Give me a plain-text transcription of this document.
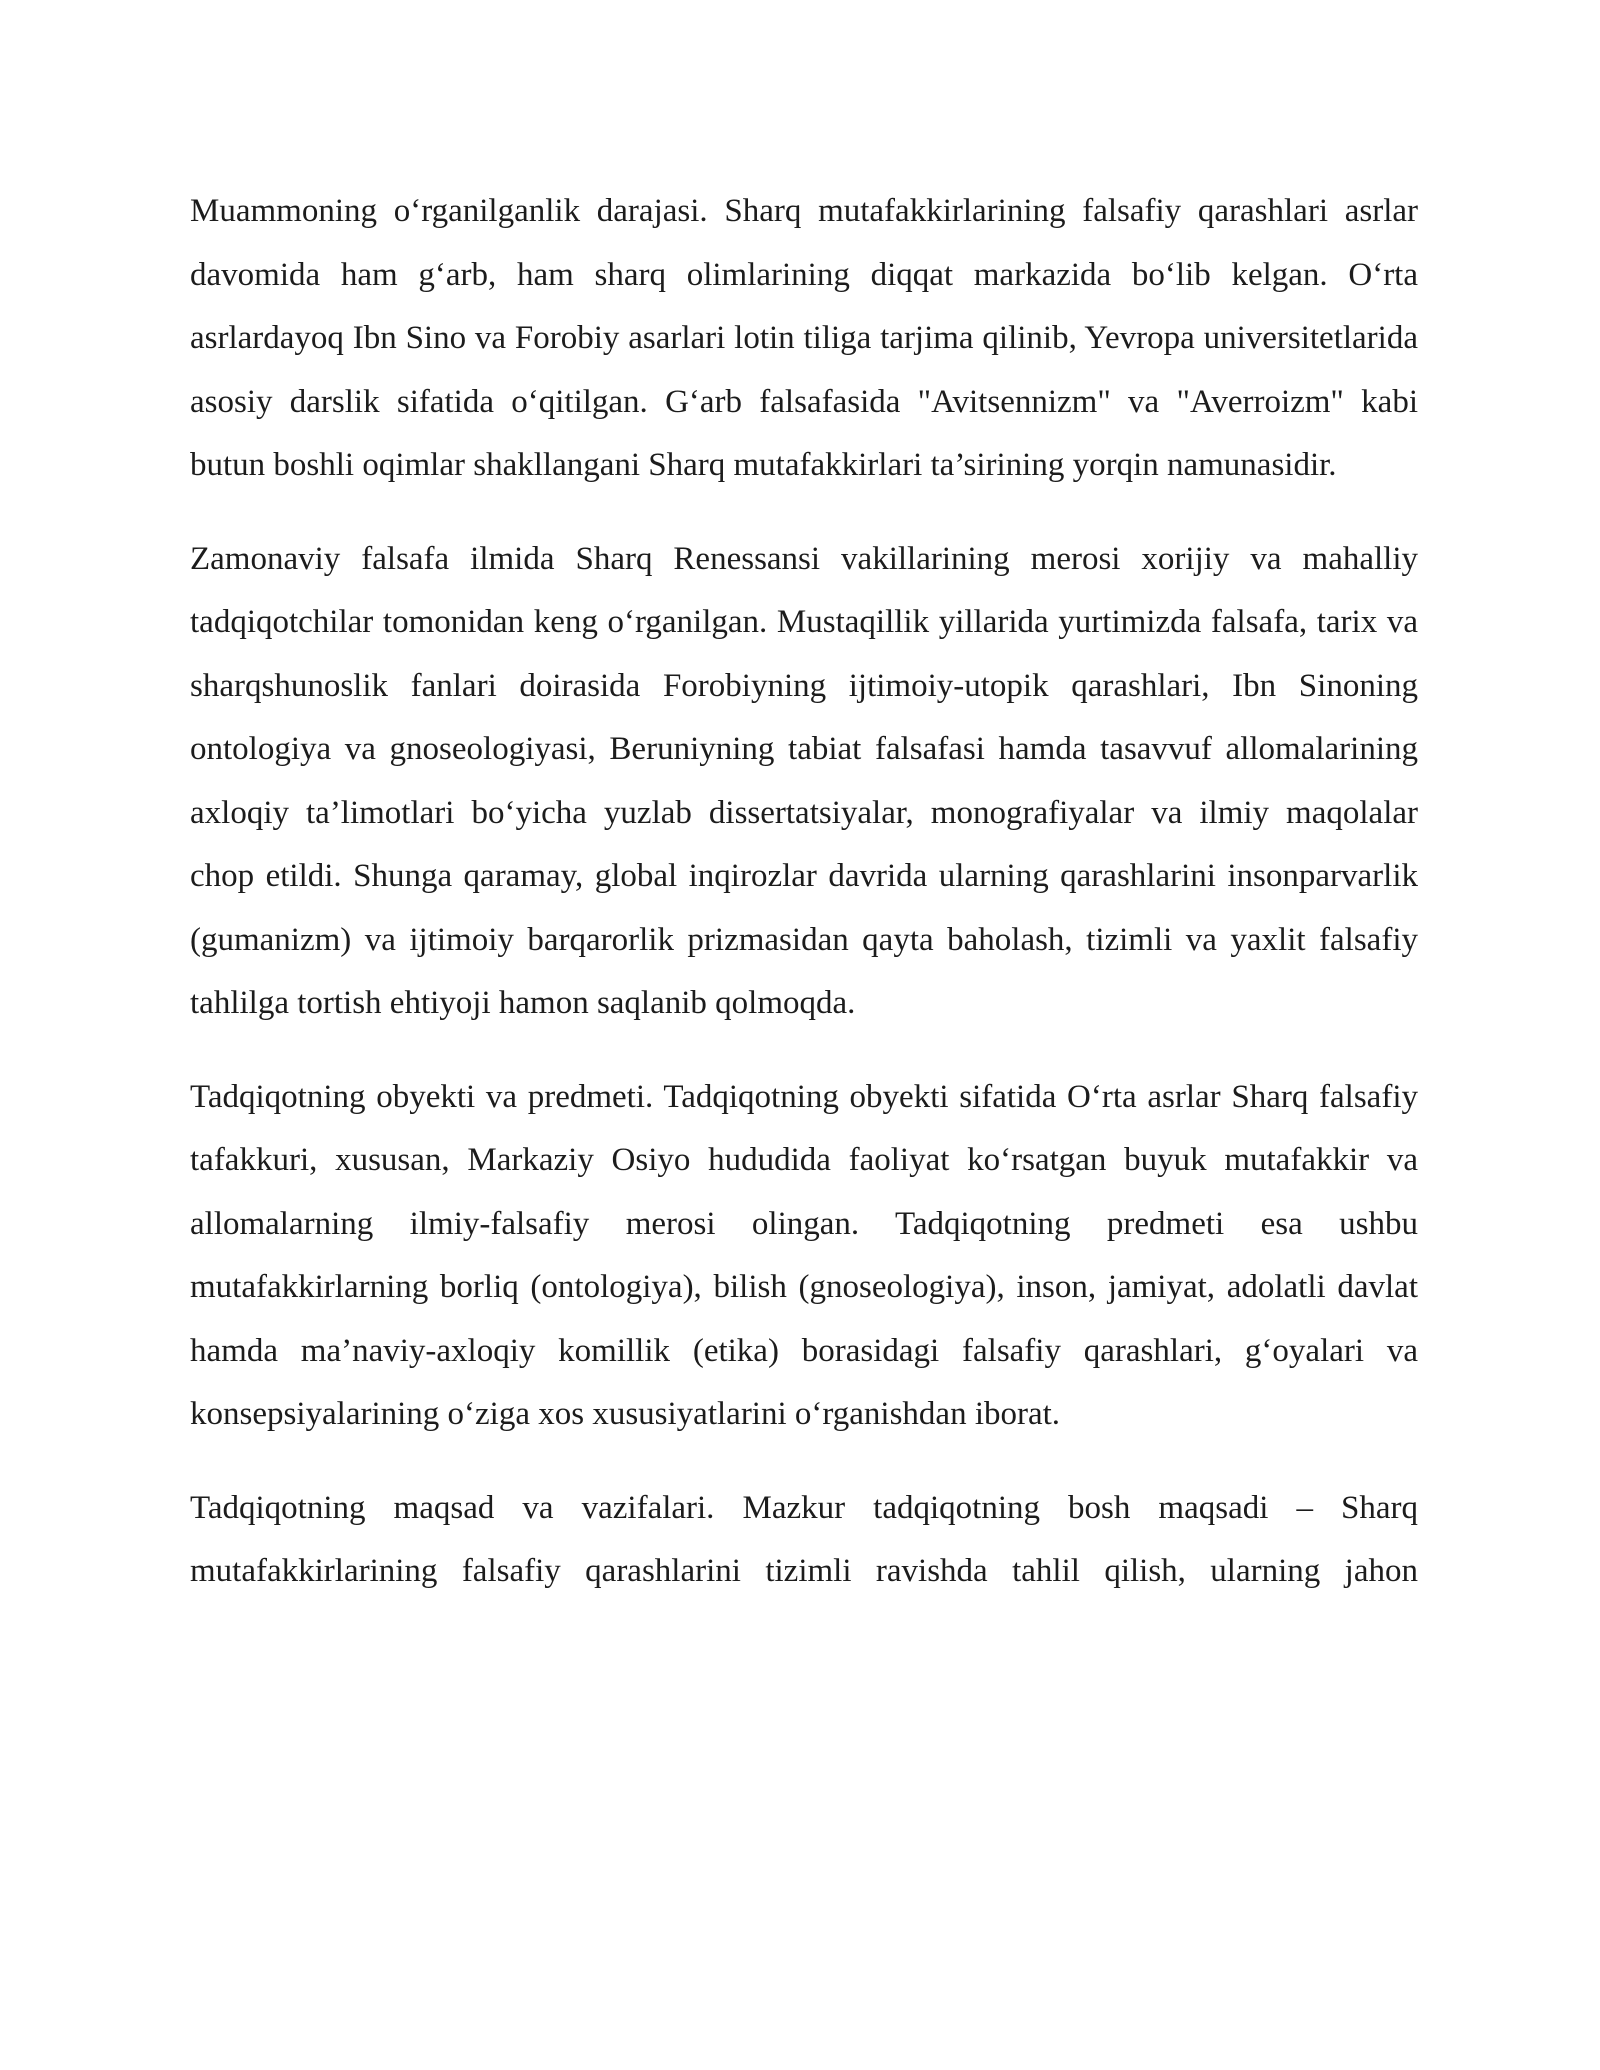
Muammoning o‘rganilganlik darajasi. Sharq mutafakkirlarining falsafiy qarashlari asrlar davomida ham g‘arb, ham sharq olimlarining diqqat markazida bo‘lib kelgan. O‘rta asrlardayoq Ibn Sino va Forobiy asarlari lotin tiliga tarjima qilinib, Yevropa universitetlarida asosiy darslik sifatida o‘qitilgan. G‘arb falsafasida "Avitsennizm" va "Averroizm" kabi butun boshli oqimlar shakllangani Sharq mutafakkirlari ta’sirining yorqin namunasidir.

Zamonaviy falsafa ilmida Sharq Renessansi vakillarining merosi xorijiy va mahalliy tadqiqotchilar tomonidan keng o‘rganilgan. Mustaqillik yillarida yurtimizda falsafa, tarix va sharqshunoslik fanlari doirasida Forobiyning ijtimoiy-utopik qarashlari, Ibn Sinoning ontologiya va gnoseologiyasi, Beruniyning tabiat falsafasi hamda tasavvuf allomalarining axloqiy ta’limotlari bo‘yicha yuzlab dissertatsiyalar, monografiyalar va ilmiy maqolalar chop etildi. Shunga qaramay, global inqirozlar davrida ularning qarashlarini insonparvarlik (gumanizm) va ijtimoiy barqarorlik prizmasidan qayta baholash, tizimli va yaxlit falsafiy tahlilga tortish ehtiyoji hamon saqlanib qolmoqda.

Tadqiqotning obyekti va predmeti. Tadqiqotning obyekti sifatida O‘rta asrlar Sharq falsafiy tafakkuri, xususan, Markaziy Osiyo hududida faoliyat ko‘rsatgan buyuk mutafakkir va allomalarning ilmiy-falsafiy merosi olingan. Tadqiqotning predmeti esa ushbu mutafakkirlarning borliq (ontologiya), bilish (gnoseologiya), inson, jamiyat, adolatli davlat hamda ma’naviy-axloqiy komillik (etika) borasidagi falsafiy qarashlari, g‘oyalari va konsepsiyalarining o‘ziga xos xususiyatlarini o‘rganishdan iborat.

Tadqiqotning maqsad va vazifalari. Mazkur tadqiqotning bosh maqsadi – Sharq mutafakkirlarining falsafiy qarashlarini tizimli ravishda tahlil qilish, ularning jahon
